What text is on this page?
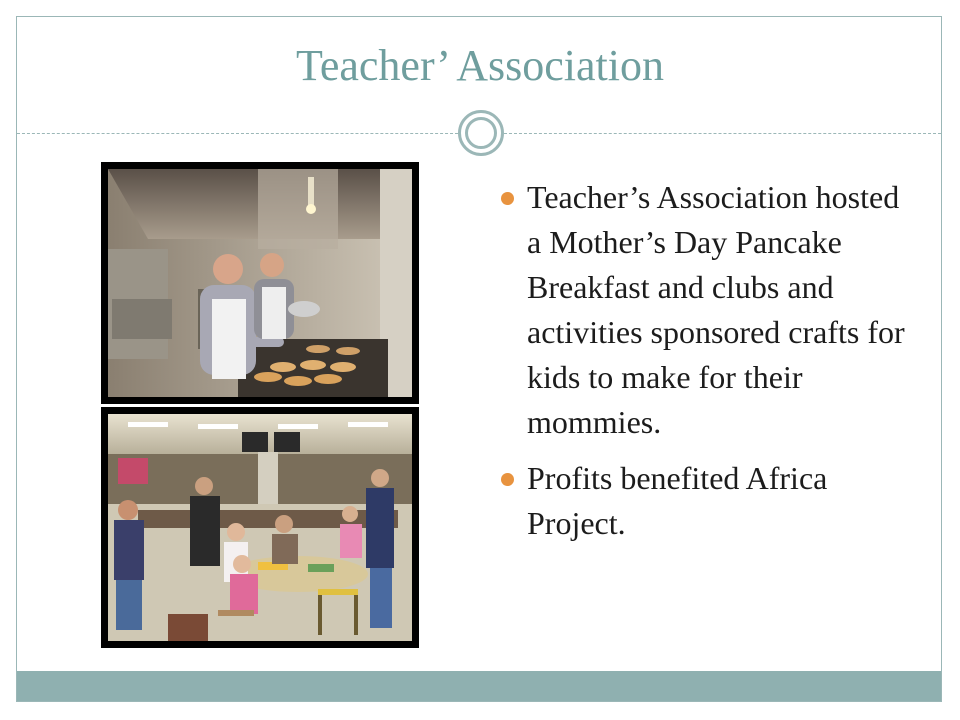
Teacher’ Association
Teacher’s Association hosted a Mother’s Day Pancake Breakfast and clubs and activities sponsored crafts for kids to make for their mommies.
Profits benefited Africa Project.
